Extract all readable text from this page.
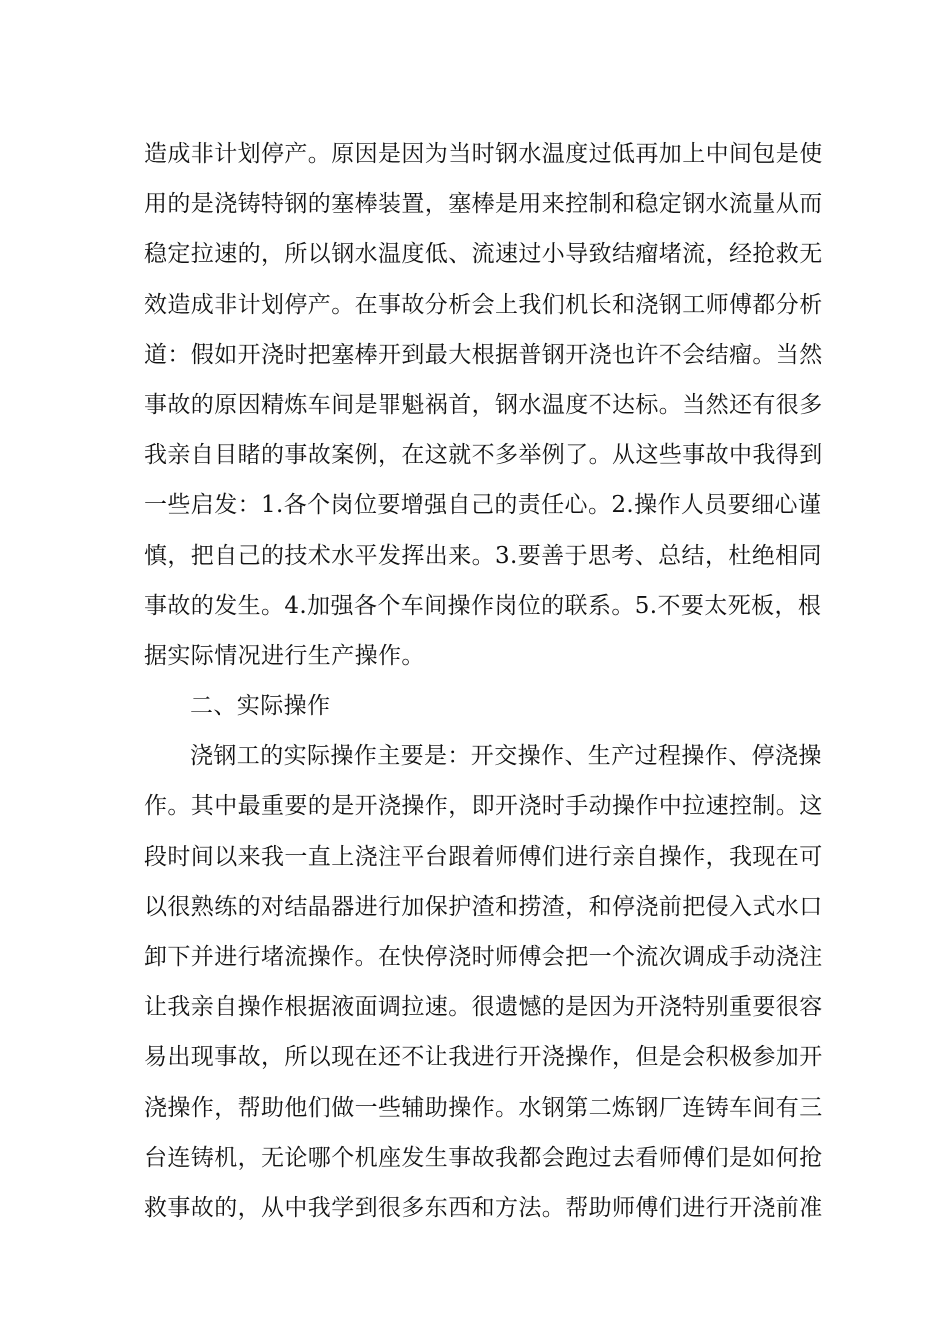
造成非计划停产。原因是因为当时钢水温度过低再加上中间包是使
用的是浇铸特钢的塞棒装置，塞棒是用来控制和稳定钢水流量从而
稳定拉速的，所以钢水温度低、流速过小导致结瘤堵流，经抢救无
效造成非计划停产。在事故分析会上我们机长和浇钢工师傅都分析
道：假如开浇时把塞棒开到最大根据普钢开浇也许不会结瘤。当然
事故的原因精炼车间是罪魁祸首，钢水温度不达标。当然还有很多
我亲自目睹的事故案例，在这就不多举例了。从这些事故中我得到
一些启发：1.各个岗位要增强自己的责任心。2.操作人员要细心谨
慎，把自己的技术水平发挥出来。3.要善于思考、总结，杜绝相同
事故的发生。4.加强各个车间操作岗位的联系。5.不要太死板，根
据实际情况进行生产操作。
二、实际操作
浇钢工的实际操作主要是：开交操作、生产过程操作、停浇操
作。其中最重要的是开浇操作，即开浇时手动操作中拉速控制。这
段时间以来我一直上浇注平台跟着师傅们进行亲自操作，我现在可
以很熟练的对结晶器进行加保护渣和捞渣，和停浇前把侵入式水口
卸下并进行堵流操作。在快停浇时师傅会把一个流次调成手动浇注
让我亲自操作根据液面调拉速。很遗憾的是因为开浇特别重要很容
易出现事故，所以现在还不让我进行开浇操作，但是会积极参加开
浇操作，帮助他们做一些辅助操作。水钢第二炼钢厂连铸车间有三
台连铸机，无论哪个机座发生事故我都会跑过去看师傅们是如何抢
救事故的，从中我学到很多东西和方法。帮助师傅们进行开浇前准
